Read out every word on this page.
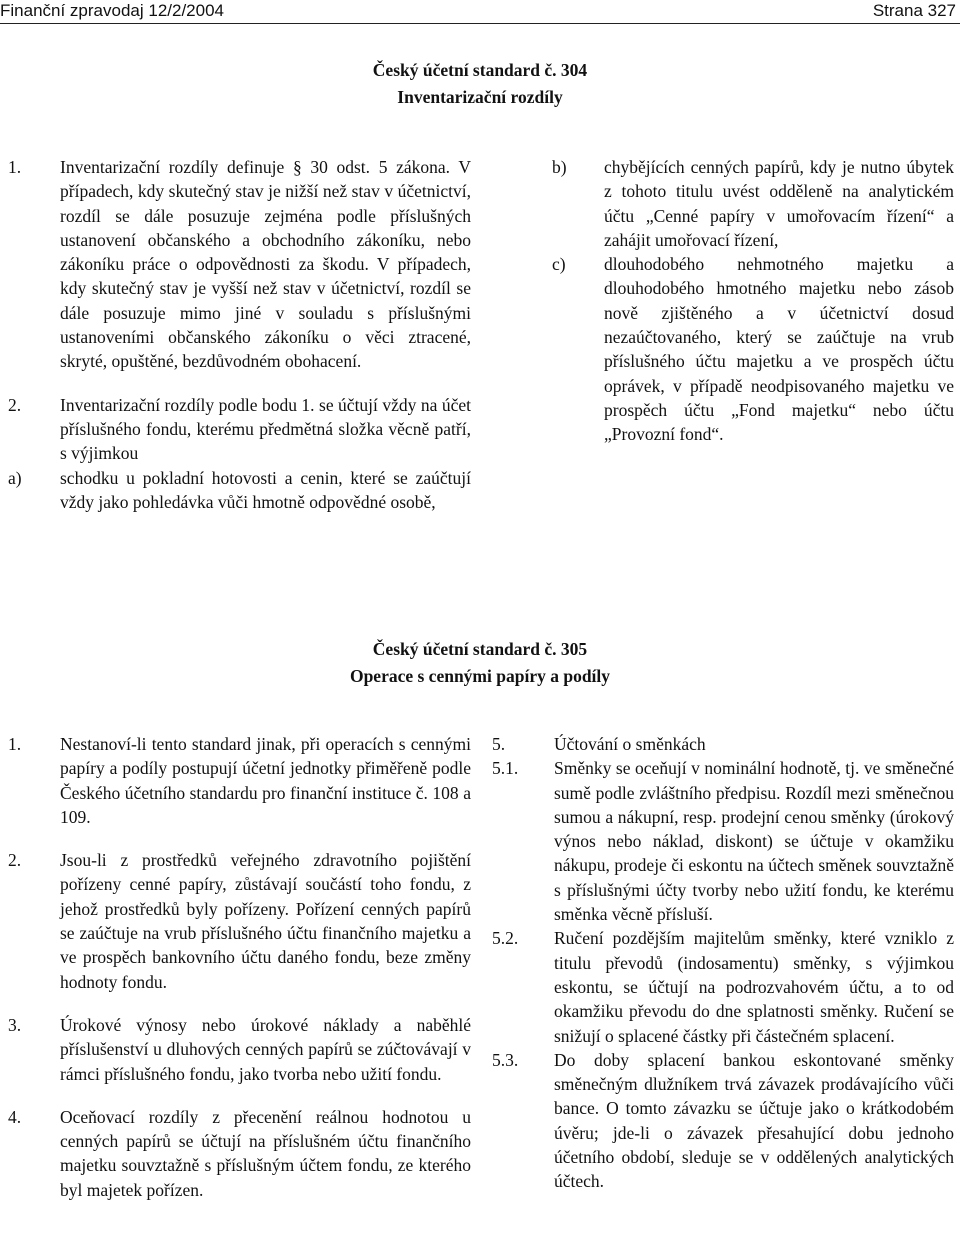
Finanční zpravodaj 12/2/2004	Strana 327
Český účetní standard č. 304
Inventarizační rozdíly
1. Inventarizační rozdíly definuje § 30 odst. 5 zákona. V případech, kdy skutečný stav je nižší než stav v účetnictví, rozdíl se dále posuzuje zejména podle příslušných ustanovení občanského a obchodního zákoníku, nebo zákoníku práce o odpovědnosti za škodu. V případech, kdy skutečný stav je vyšší než stav v účetnictví, rozdíl se dále posuzuje mimo jiné v souladu s příslušnými ustanoveními občanského zákoníku o věci ztracené, skryté, opuštěné, bezdůvodném obohacení.

2. Inventarizační rozdíly podle bodu 1. se účtují vždy na účet příslušného fondu, kterému předmětná složka věcně patří, s výjimkou

a) schodku u pokladní hotovosti a cenin, které se zaúčtují vždy jako pohledávka vůči hmotně odpovědné osobě,

b) chybějících cenných papírů, kdy je nutno úbytek z tohoto titulu uvést odděleně na analytickém účtu „Cenné papíry v umořovacím řízení“ a zahájit umořovací řízení,

c) dlouhodobého nehmotného majetku a dlouhodobého hmotného majetku nebo zásob nově zjištěného a v účetnictví dosud nezaúčtovaného, který se zaúčtuje na vrub příslušného účtu majetku a ve prospěch účtu oprávek, v případě neodpisovaného majetku ve prospěch účtu „Fond majetku“ nebo účtu „Provozní fond“.

Český účetní standard č. 305
Operace s cennými papíry a podíly
1. Nestanoví-li tento standard jinak, při operacích s cennými papíry a podíly postupují účetní jednotky přiměřeně podle Českého účetního standardu pro finanční instituce č. 108 a 109.

2. Jsou-li z prostředků veřejného zdravotního pojištění pořízeny cenné papíry, zůstávají součástí toho fondu, z jehož prostředků byly pořízeny. Pořízení cenných papírů se zaúčtuje na vrub příslušného účtu finančního majetku a ve prospěch bankovního účtu daného fondu, beze změny hodnoty fondu.

3. Úrokové výnosy nebo úrokové náklady a naběhlé příslušenství u dluhových cenných papírů se zúčtovávají v rámci příslušného fondu, jako tvorba nebo užití fondu.

4. Oceňovací rozdíly z přecenění reálnou hodnotou u cenných papírů se účtují na příslušném účtu finančního majetku souvztažně s příslušným účtem fondu, ze kterého byl majetek pořízen.

5.	Účtování o směnkách

5.1. Směnky se oceňují v nominální hodnotě, tj. ve směnečné sumě podle zvláštního předpisu. Rozdíl mezi směnečnou sumou a nákupní, resp. prodejní cenou směnky (úrokový výnos nebo náklad, diskont) se účtuje v okamžiku nákupu, prodeje či eskontu na účtech směnek souvztažně s příslušnými účty tvorby nebo užití fondu, ke kterému směnka věcně přísluší.

5.2. Ručení pozdějším majitelům směnky, které vzniklo z titulu převodů (indosamentu) směnky, s výjimkou eskontu, se účtují na podrozvahovém účtu, a to od okamžiku převodu do dne splatnosti směnky. Ručení se snižují o splacené částky při částečném splacení.

5.3. Do doby splacení bankou eskontované směnky směnečným dlužníkem trvá závazek prodávajícího vůči bance. O tomto závazku se účtuje jako o krátkodobém úvěru; jde-li o závazek přesahující dobu jednoho účetního období, sleduje se v oddělených analytických účtech.
